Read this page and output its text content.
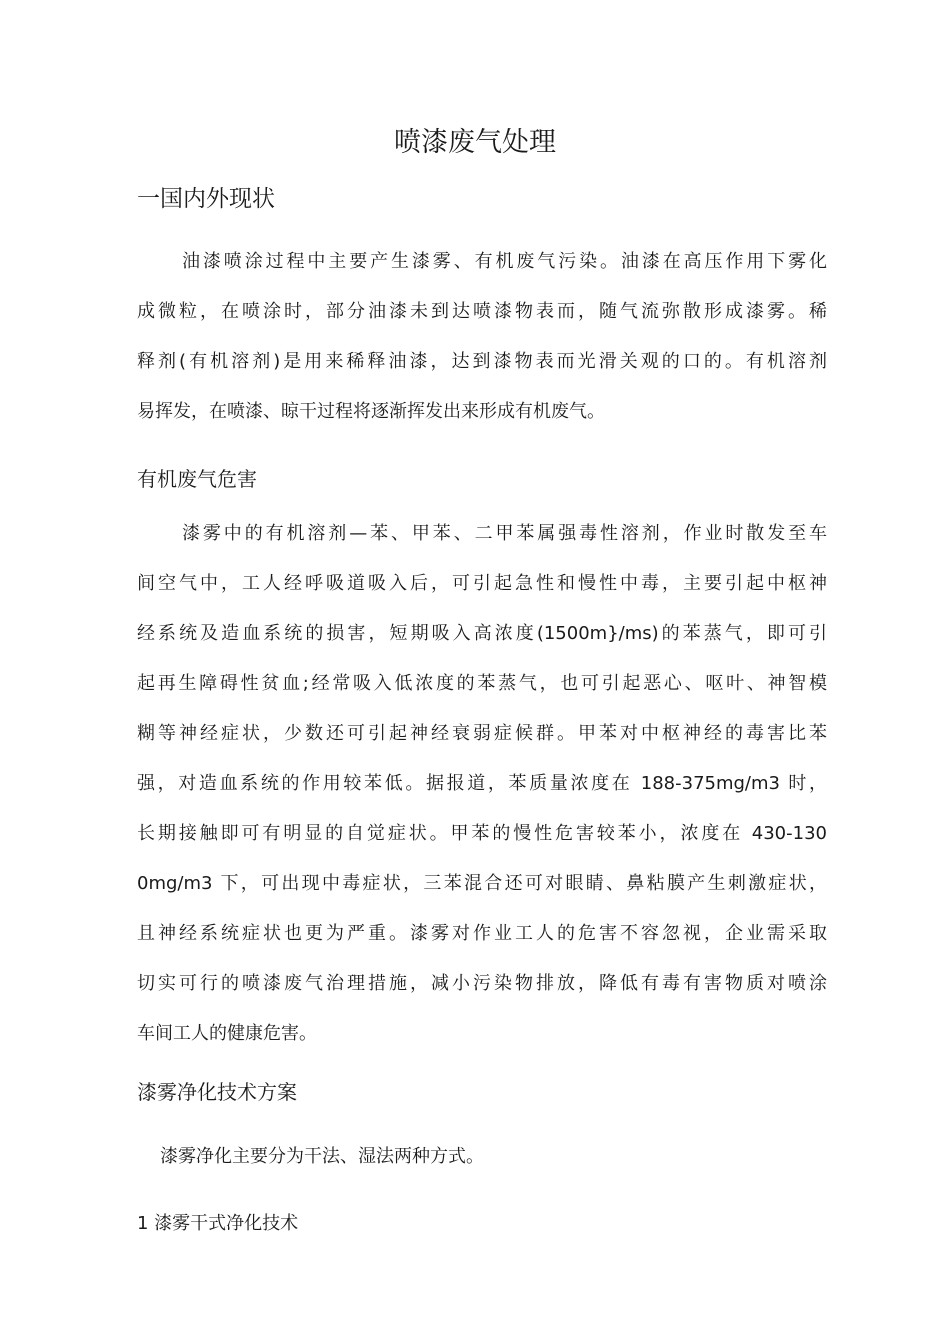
喷漆废气处理
一国内外现状

油漆喷涂过程中主要产生漆雾、有机废气污染。油漆在高压作用下雾化
成微粒，在喷涂时，部分油漆未到达喷漆物表而，随气流弥散形成漆雾。稀
释剂(有机溶剂)是用来稀释油漆，达到漆物表而光滑关观的口的。有机溶剂
易挥发，在喷漆、晾干过程将逐渐挥发出来形成有机废气。

有机废气危害

漆雾中的有机溶剂—苯、甲苯、二甲苯属强毒性溶剂，作业时散发至车
间空气中，工人经呼吸道吸入后，可引起急性和慢性中毒，主要引起中枢神
经系统及造血系统的损害，短期吸入高浓度(1500m}/ms)的苯蒸气，即可引
起再生障碍性贫血;经常吸入低浓度的苯蒸气，也可引起恶心、呕叶、神智模
糊等神经症状，少数还可引起神经衰弱症候群。甲苯对中枢神经的毒害比苯
强，对造血系统的作用较苯低。据报道，苯质量浓度在 188-375mg/m3 时，
长期接触即可有明显的自觉症状。甲苯的慢性危害较苯小，浓度在 430-130
0mg/m3 下，可出现中毒症状，三苯混合还可对眼睛、鼻粘膜产生刺激症状，
且神经系统症状也更为严重。漆雾对作业工人的危害不容忽视，企业需采取
切实可行的喷漆废气治理措施，减小污染物排放，降低有毒有害物质对喷涂
车间工人的健康危害。

漆雾净化技术方案

漆雾净化主要分为干法、湿法两种方式。

1 漆雾干式净化技术
